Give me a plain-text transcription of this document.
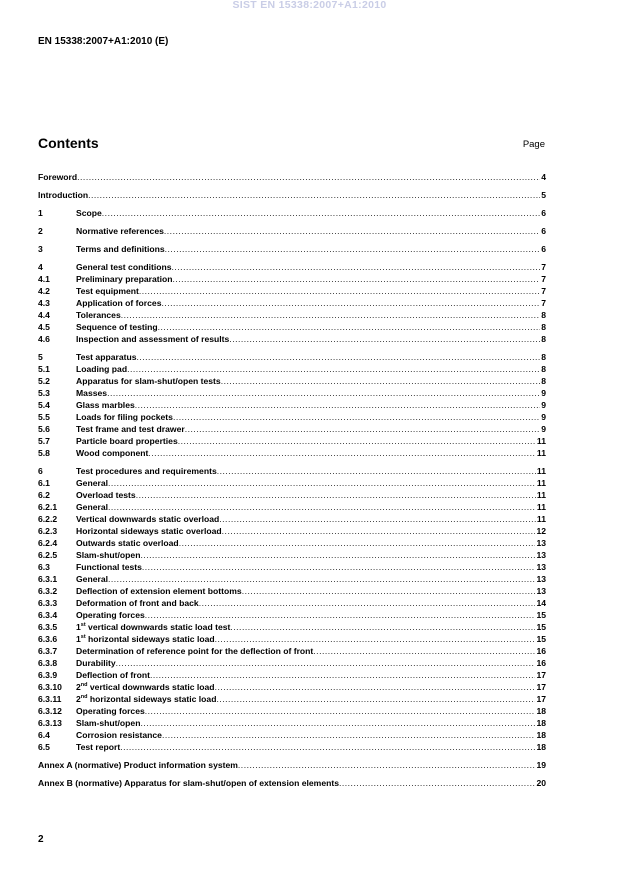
SIST EN 15338:2007+A1:2010
EN 15338:2007+A1:2010 (E)
Contents	Page
Foreword .....	4
Introduction .....	5
1	Scope .....	6
2	Normative references .....	6
3	Terms and definitions .....	6
4	General test conditions .....	7
4.1	Preliminary preparation .....	7
4.2	Test equipment .....	7
4.3	Application of forces .....	7
4.4	Tolerances .....	8
4.5	Sequence of testing .....	8
4.6	Inspection and assessment of results .....	8
5	Test apparatus .....	8
5.1	Loading pad .....	8
5.2	Apparatus for slam-shut/open tests .....	8
5.3	Masses .....	9
5.4	Glass marbles .....	9
5.5	Loads for filing pockets .....	9
5.6	Test frame and test drawer .....	9
5.7	Particle board properties .....	11
5.8	Wood component .....	11
6	Test procedures and requirements .....	11
6.1	General .....	11
6.2	Overload tests .....	11
6.2.1	General .....	11
6.2.2	Vertical downwards static overload .....	11
6.2.3	Horizontal sideways static overload .....	12
6.2.4	Outwards static overload .....	13
6.2.5	Slam-shut/open .....	13
6.3	Functional tests .....	13
6.3.1	General .....	13
6.3.2	Deflection of extension element bottoms .....	13
6.3.3	Deformation of front and back .....	14
6.3.4	Operating forces .....	15
6.3.5	1st vertical downwards static load test .....	15
6.3.6	1st horizontal sideways static load .....	15
6.3.7	Determination of reference point for the deflection of front .....	16
6.3.8	Durability .....	16
6.3.9	Deflection of front .....	17
6.3.10	2nd vertical downwards static load .....	17
6.3.11	2nd horizontal sideways static load .....	17
6.3.12	Operating forces .....	18
6.3.13	Slam-shut/open .....	18
6.4	Corrosion resistance .....	18
6.5	Test report .....	18
Annex A (normative) Product information system .....	19
Annex B (normative) Apparatus for slam-shut/open of extension elements .....	20
2
